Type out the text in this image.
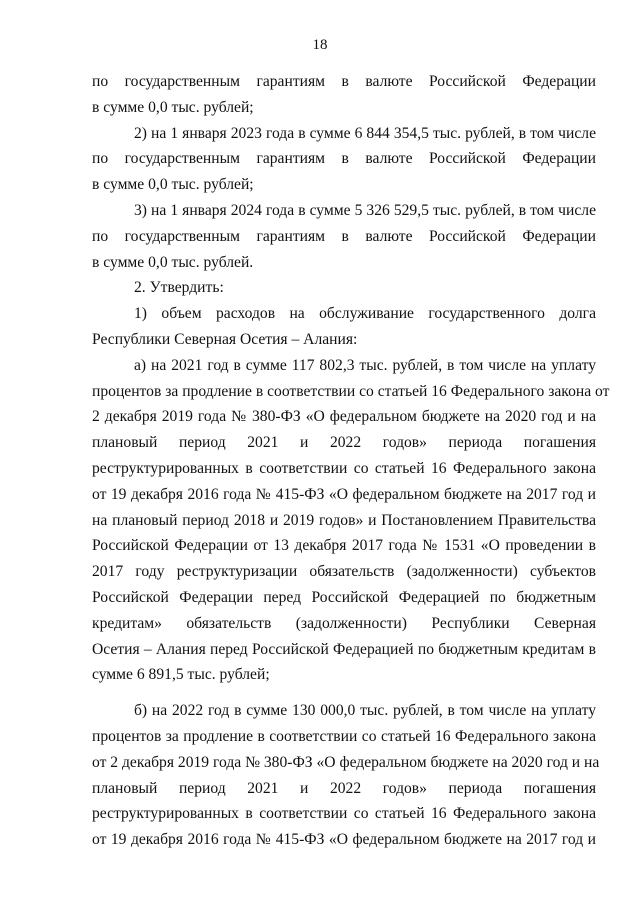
18
по государственным гарантиям в валюте Российской Федерации
в сумме 0,0 тыс. рублей;
2) на 1 января 2023 года в сумме 6 844 354,5 тыс. рублей, в том числе
по государственным гарантиям в валюте Российской Федерации
в сумме 0,0 тыс. рублей;
3) на 1 января 2024 года в сумме 5 326 529,5 тыс. рублей, в том числе
по государственным гарантиям в валюте Российской Федерации
в сумме 0,0 тыс. рублей.
2. Утвердить:
1) объем расходов на обслуживание государственного долга
Республики Северная Осетия – Алания:
а) на 2021 год в сумме 117 802,3 тыс. рублей, в том числе на уплату
процентов за продление в соответствии со статьей 16 Федерального закона от
2 декабря 2019 года № 380-ФЗ «О федеральном бюджете на 2020 год и на
плановый период 2021 и 2022 годов» периода погашения
реструктурированных в соответствии со статьей 16 Федерального закона
от 19 декабря 2016 года № 415-ФЗ «О федеральном бюджете на 2017 год и
на плановый период 2018 и 2019 годов» и Постановлением Правительства
Российской Федерации от 13 декабря 2017 года № 1531 «О проведении в
2017 году реструктуризации обязательств (задолженности) субъектов
Российской Федерации перед Российской Федерацией по бюджетным
кредитам» обязательств (задолженности) Республики Северная
Осетия – Алания перед Российской Федерацией по бюджетным кредитам в
сумме 6 891,5 тыс. рублей;
б) на 2022 год в сумме 130 000,0 тыс. рублей, в том числе на уплату
процентов за продление в соответствии со статьей 16 Федерального закона
от 2 декабря 2019 года № 380-ФЗ «О федеральном бюджете на 2020 год и на
плановый период 2021 и 2022 годов» периода погашения
реструктурированных в соответствии со статьей 16 Федерального закона
от 19 декабря 2016 года № 415-ФЗ «О федеральном бюджете на 2017 год и
